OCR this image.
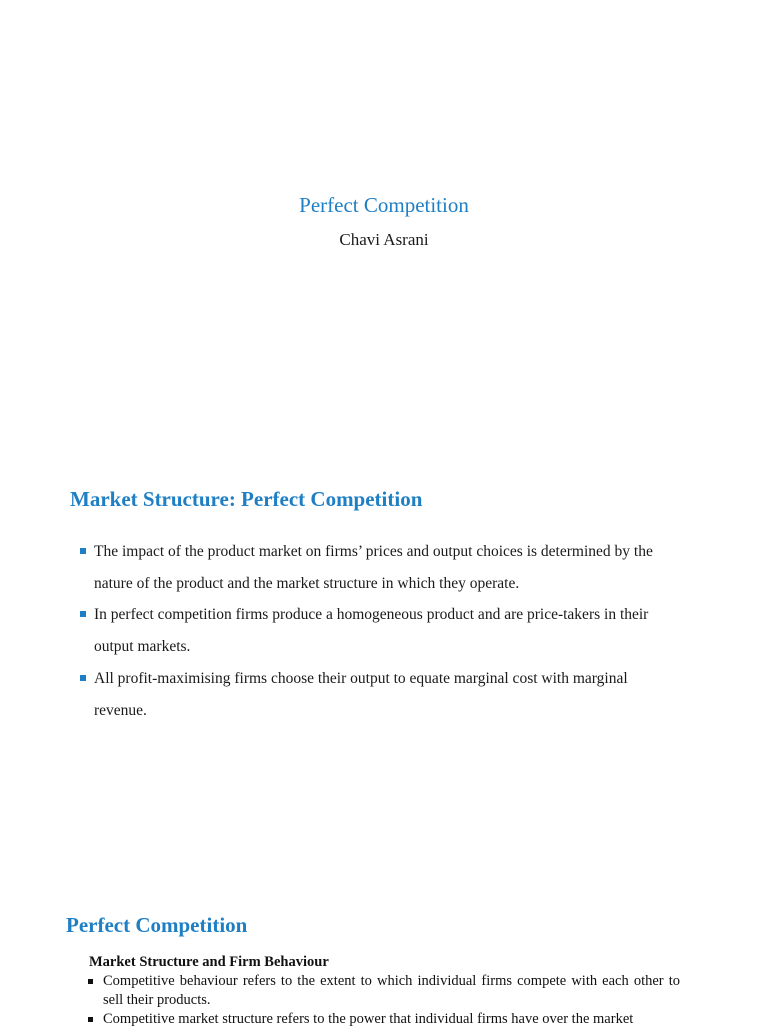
Perfect Competition
Chavi Asrani
Market Structure: Perfect Competition
The impact of the product market on firms’ prices and output choices is determined by the nature of the product and the market structure in which they operate.
In perfect competition firms produce a homogeneous product and are price-takers in their output markets.
All profit-maximising firms choose their output to equate marginal cost with marginal revenue.
Perfect Competition
Market Structure and Firm Behaviour
Competitive behaviour refers to the extent to which individual firms compete with each other to sell their products.
Competitive market structure refers to the power that individual firms have over the market
